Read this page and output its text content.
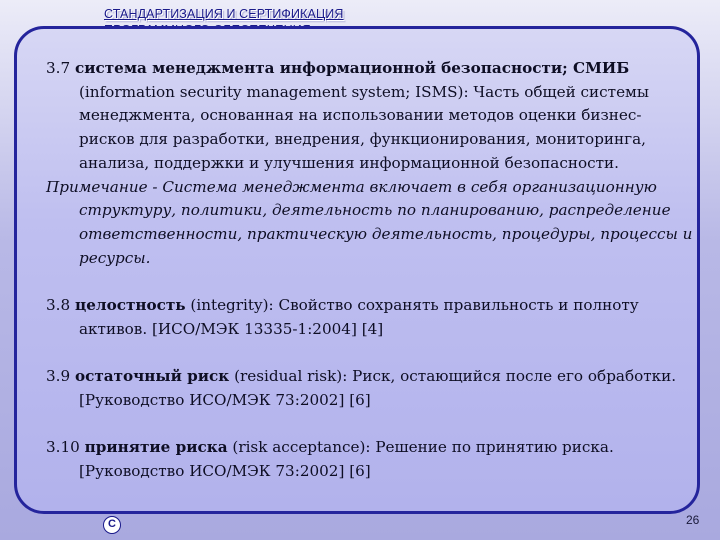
СТАНДАРТИЗАЦИЯ И СЕРТИФИКАЦИЯ

3.7 система менеджмента информационной безопасности; СМИБ (information security management system; ISMS): Часть общей системы менеджмента, основанная на использовании методов оценки бизнес-рисков для разработки, внедрения, функционирования, мониторинга, анализа, поддержки и улучшения информационной безопасности.

Примечание - Система менеджмента включает в себя организационную структуру, политики, деятельность по планированию, распределение ответственности, практическую деятельность, процедуры, процессы и ресурсы.

3.8 целостность (integrity): Свойство сохранять правильность и полноту активов. [ИСО/МЭК 13335-1:2004] [4]

3.9 остаточный риск (residual risk): Риск, остающийся после его обработки. [Руководство ИСО/МЭК 73:2002] [6]

3.10 принятие риска (risk acceptance): Решение по принятию риска. [Руководство ИСО/МЭК 73:2002] [6]

C	26
